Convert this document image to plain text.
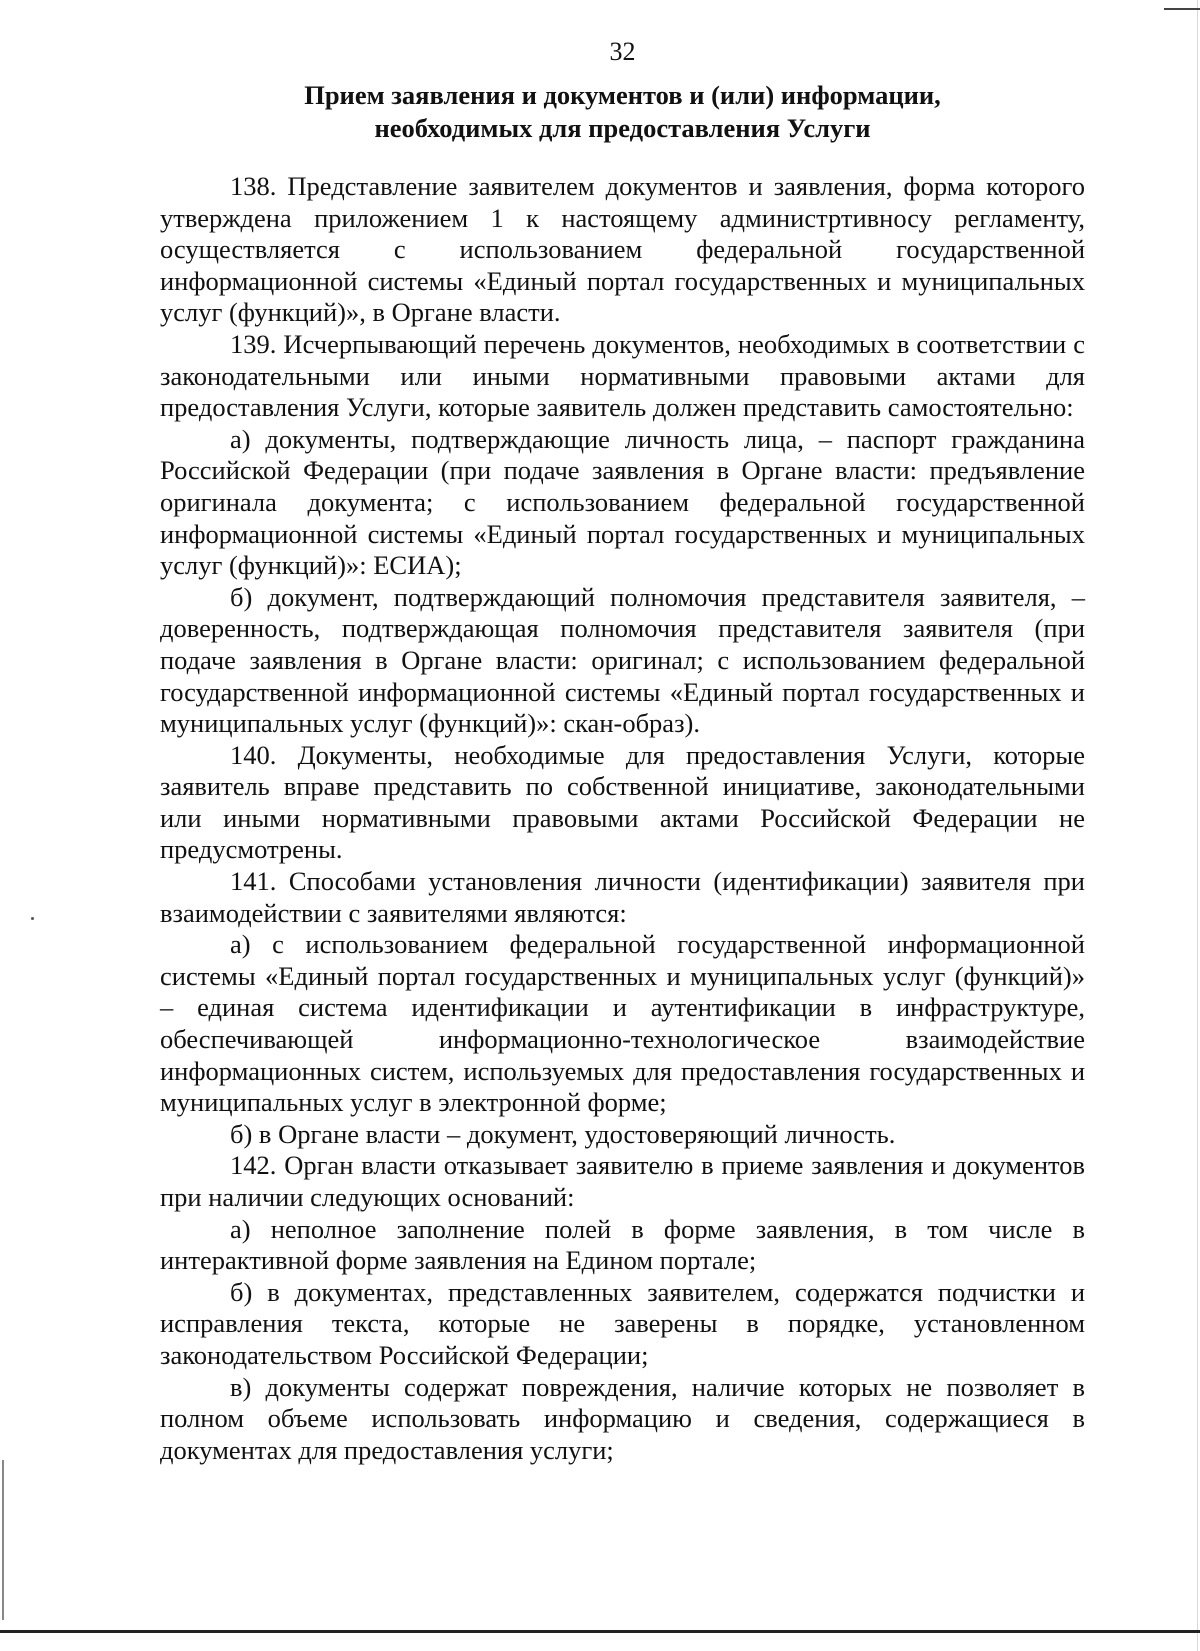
32
Прием заявления и документов и (или) информации,
необходимых для предоставления Услуги

138. Представление заявителем документов и заявления, форма которого утверждена приложением 1 к настоящему администртивносу регламенту, осуществляется с использованием федеральной государственной информационной системы «Единый портал государственных и муниципальных услуг (функций)», в Органе власти.

139. Исчерпывающий перечень документов, необходимых в соответствии с законодательными или иными нормативными правовыми актами для предоставления Услуги, которые заявитель должен представить самостоятельно:

а) документы, подтверждающие личность лица, – паспорт гражданина Российской Федерации (при подаче заявления в Органе власти: предъявление оригинала документа; с использованием федеральной государственной информационной системы «Единый портал государственных и муниципальных услуг (функций)»: ЕСИА);

б) документ, подтверждающий полномочия представителя заявителя, – доверенность, подтверждающая полномочия представителя заявителя (при подаче заявления в Органе власти: оригинал; с использованием федеральной государственной информационной системы «Единый портал государственных и муниципальных услуг (функций)»: скан-образ).

140. Документы, необходимые для предоставления Услуги, которые заявитель вправе представить по собственной инициативе, законодательными или иными нормативными правовыми актами Российской Федерации не предусмотрены.

141. Способами установления личности (идентификации) заявителя при взаимодействии с заявителями являются:

а) с использованием федеральной государственной информационной системы «Единый портал государственных и муниципальных услуг (функций)» – единая система идентификации и аутентификации в инфраструктуре, обеспечивающей информационно-технологическое взаимодействие информационных систем, используемых для предоставления государственных и муниципальных услуг в электронной форме;

б) в Органе власти – документ, удостоверяющий личность.

142. Орган власти отказывает заявителю в приеме заявления и документов при наличии следующих оснований:

а) неполное заполнение полей в форме заявления, в том числе в интерактивной форме заявления на Едином портале;

б) в документах, представленных заявителем, содержатся подчистки и исправления текста, которые не заверены в порядке, установленном законодательством Российской Федерации;

в) документы содержат повреждения, наличие которых не позволяет в полном объеме использовать информацию и сведения, содержащиеся в документах для предоставления услуги;
